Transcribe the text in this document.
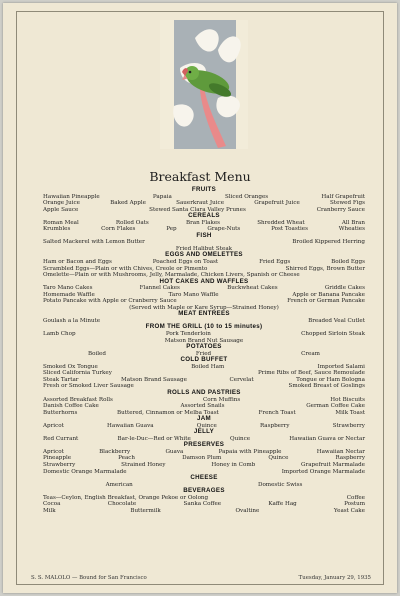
Breakfast Menu
FRUITS
Hawaiian Pineapple	Papaia	Sliced Oranges	Half Grapefruit
Orange Juice	Baked Apple	Sauerkraut Juice	Grapefruit Juice	Stewed Figs
Apple Sauce	Stewed Santa Clara Valley Prunes	Cranberry Sauce
CEREALS
Roman Meal	Rolled Oats	Bran Flakes	Shredded Wheat	All Bran
Krumbles	Corn Flakes	Pep	Grape-Nuts	Post Toasties	Wheaties
FISH
Salted Mackerel with Lemon Butter	Broiled Kippered Herring
Fried Halibut Steak
EGGS AND OMELETTES
Ham or Bacon and Eggs	Poached Eggs on Toast	Fried Eggs	Boiled Eggs
Scrambled Eggs—Plain or with Chives, Creole or Pimento	Shirred Eggs, Brown Butter
Omelette—Plain or with Mushrooms, Jelly, Marmalade, Chicken Livers, Spanish or Cheese
HOT CAKES AND WAFFLES
Taro Mano Cakes	Flannel Cakes	Buckwheat Cakes	Griddle Cakes
Homemade Waffle	Taro Mano Waffle	Apple or Banana Pancake
Potato Pancake with Apple or Cranberry Sauce	French or German Pancake
(Served with Maple or Kare Syrup—Strained Honey)
MEAT ENTREES
Goulash a la Minute	Breaded Veal Cutlet
FROM THE GRILL (10 to 15 minutes)
Lamb Chop	Pork Tenderloin	Chopped Sirloin Steak
Matson Brand Nut Sausage
POTATOES
Boiled	Fried	Cream
COLD BUFFET
Smoked Ox Tongue	Boiled Ham	Imported Salami
Sliced California Turkey	Prime Ribs of Beef, Sauce Remoulade
Steak Tartar	Matson Brand Sausage	Cervelat	Tongue or Ham Bologna
Fresh or Smoked Liver Sausage	Smoked Breast of Goslings
ROLLS AND PASTRIES
Assorted Breakfast Rolls	Corn Muffins	Hot Biscuits
Danish Coffee Cake	Assorted Snails	German Coffee Cake
Butterhorns	Buttered, Cinnamon or Melba Toast	French Toast	Milk Toast
JAM
Apricot	Hawaiian Guava	Quince	Raspberry	Strawberry
JELLY
Red Currant	Bar-le-Duc—Red or White	Quince	Hawaiian Guava or Nectar
PRESERVES
Apricot	Blackberry	Guava	Papaia with Pineapple	Hawaiian Nectar
Pineapple	Peach	Damson Plum	Quince	Raspberry
Strawberry	Strained Honey	Honey in Comb	Grapefruit Marmalade
Domestic Orange Marmalade	Imported Orange Marmalade
CHEESE
American	Domestic Swiss
BEVERAGES
Teas—Ceylon, English Breakfast, Orange Pekoe or Oolong	Coffee
Cocoa	Chocolate	Sanka Coffee	Kaffe Hag	Postum
Milk	Buttermilk	Ovaltine	Yeast Cake
S. S. MALOLO — Bound for San Francisco	Tuesday, January 29, 1935
